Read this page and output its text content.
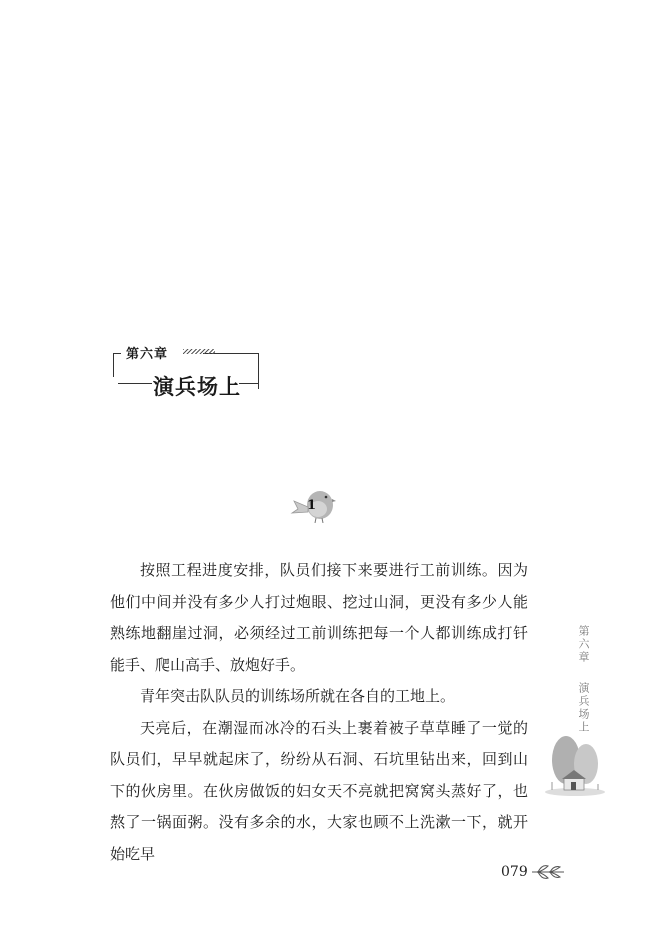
第六章
演兵场上
1

按照工程进度安排，队员们接下来要进行工前训练。因为他们中间并没有多少人打过炮眼、挖过山洞，更没有多少人能熟练地翻崖过洞，必须经过工前训练把每一个人都训练成打钎能手、爬山高手、放炮好手。

青年突击队队员的训练场所就在各自的工地上。

天亮后，在潮湿而冰冷的石头上裹着被子草草睡了一觉的队员们，早早就起床了，纷纷从石洞、石坑里钻出来，回到山下的伙房里。在伙房做饭的妇女天不亮就把窝窝头蒸好了，也熬了一锅面粥。没有多余的水，大家也顾不上洗漱一下，就开始吃早

第六章 演兵场上
079
